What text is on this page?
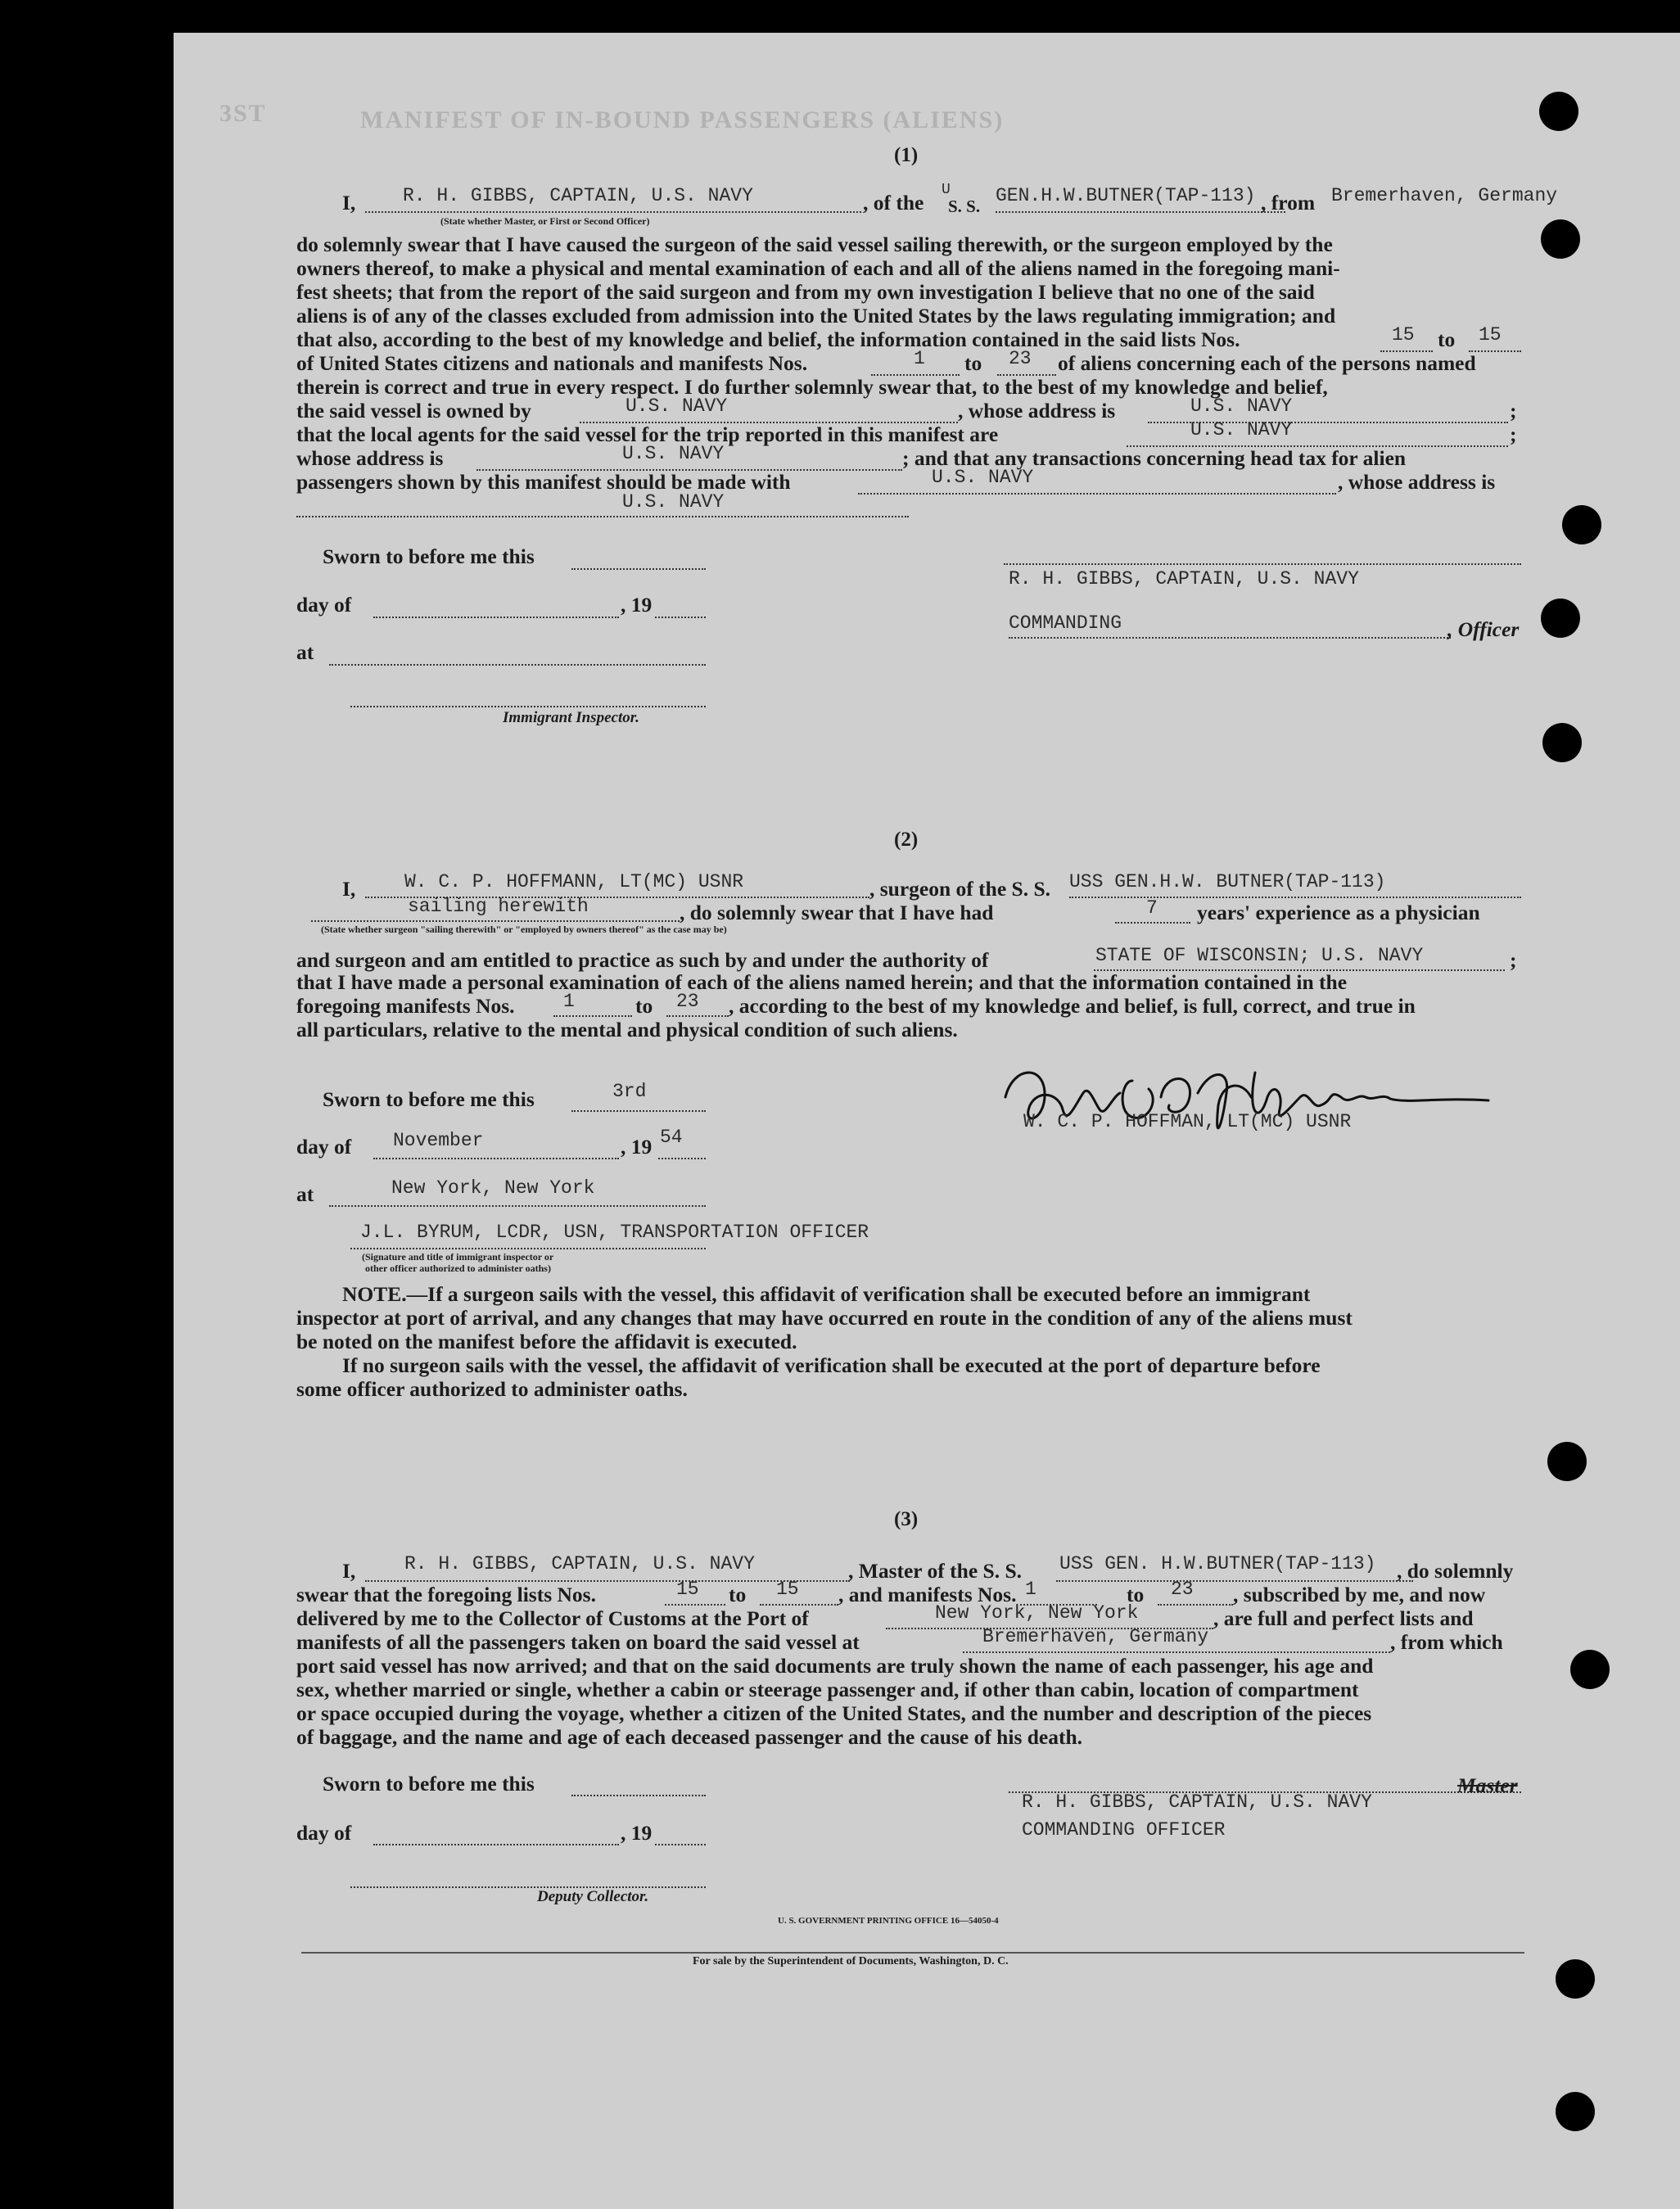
3ST	MANIFEST OF IN-BOUND PASSENGERS (ALIENS)
(1)
I,	R. H. GIBBS, CAPTAIN, U.S. NAVY	, of the
U
S. S. GEN.H.W.BUTNER(TAP-113) , from Bremerhaven, Germany
(State whether Master, or First or Second Officer)
do solemnly swear that I have caused the surgeon of the said vessel sailing therewith, or the surgeon employed by the
owners thereof, to make a physical and mental examination of each and all of the aliens named in the foregoing mani-
fest sheets; that from the report of the said surgeon and from my own investigation I believe that no one of the said
aliens is of any of the classes excluded from admission into the United States by the laws regulating immigration; and
that also, according to the best of my knowledge and belief, the information contained in the said lists Nos.	15 to 15
of United States citizens and nationals and manifests Nos.	1 to 23 of aliens concerning each of the persons named
therein is correct and true in every respect. I do further solemnly swear that, to the best of my knowledge and belief,
the said vessel is owned by	U.S. NAVY	, whose address is	U.S. NAVY	;
that the local agents for the said vessel for the trip reported in this manifest are	U.S. NAVY	;
whose address is	U.S. NAVY	; and that any transactions concerning head tax for alien
passengers shown by this manifest should be made with	U.S. NAVY	, whose address is
U.S. NAVY
Sworn to before me this
day of	, 19
at
Immigrant Inspector.
R. H. GIBBS, CAPTAIN, U.S. NAVY
COMMANDING	, Officer
(2)
I,	W. C. P. HOFFMANN, LT(MC) USNR	, surgeon of the S. S. USS GEN.H.W. BUTNER(TAP-113)
sailing herewith	, do solemnly swear that I have had	7 years' experience as a physician
(State whether surgeon "sailing therewith" or "employed by owners thereof" as the case may be)
and surgeon and am entitled to practice as such by and under the authority of	STATE OF WISCONSIN; U.S. NAVY	;
that I have made a personal examination of each of the aliens named herein; and that the information contained in the
foregoing manifests Nos.	1	to 23 , according to the best of my knowledge and belief, is full, correct, and true in
all particulars, relative to the mental and physical condition of such aliens.
Sworn to before me this	3rd
day of November	, 19 54
at	New York, New York
J.L. BYRUM, LCDR, USN, TRANSPORTATION OFFICER
(Signature and title of immigrant inspector or
other officer authorized to administer oaths)
W. C. P. HOFFMAN, LT(MC) USNR
NOTE.—If a surgeon sails with the vessel, this affidavit of verification shall be executed before an immigrant
inspector at port of arrival, and any changes that may have occurred en route in the condition of any of the aliens must
be noted on the manifest before the affidavit is executed.
If no surgeon sails with the vessel, the affidavit of verification shall be executed at the port of departure before
some officer authorized to administer oaths.
(3)
I,	R. H. GIBBS, CAPTAIN, U.S. NAVY	, Master of the S. S. USS GEN. H.W.BUTNER(TAP-113) , do solemnly
swear that the foregoing lists Nos.	15 to 15 , and manifests Nos. 1	to 23 , subscribed by me, and now
delivered by me to the Collector of Customs at the Port of	New York, New York	, are full and perfect lists and
manifests of all the passengers taken on board the said vessel at	Bremerhaven, Germany	, from which
port said vessel has now arrived; and that on the said documents are truly shown the name of each passenger, his age and
sex, whether married or single, whether a cabin or steerage passenger and, if other than cabin, location of compartment
or space occupied during the voyage, whether a citizen of the United States, and the number and description of the pieces
of baggage, and the name and age of each deceased passenger and the cause of his death.
Sworn to before me this
day of	, 19
Deputy Collector.
Master
R. H. GIBBS, CAPTAIN, U.S. NAVY
COMMANDING OFFICER
U. S. GOVERNMENT PRINTING OFFICE 16—54050-4
For sale by the Superintendent of Documents, Washington, D. C.
